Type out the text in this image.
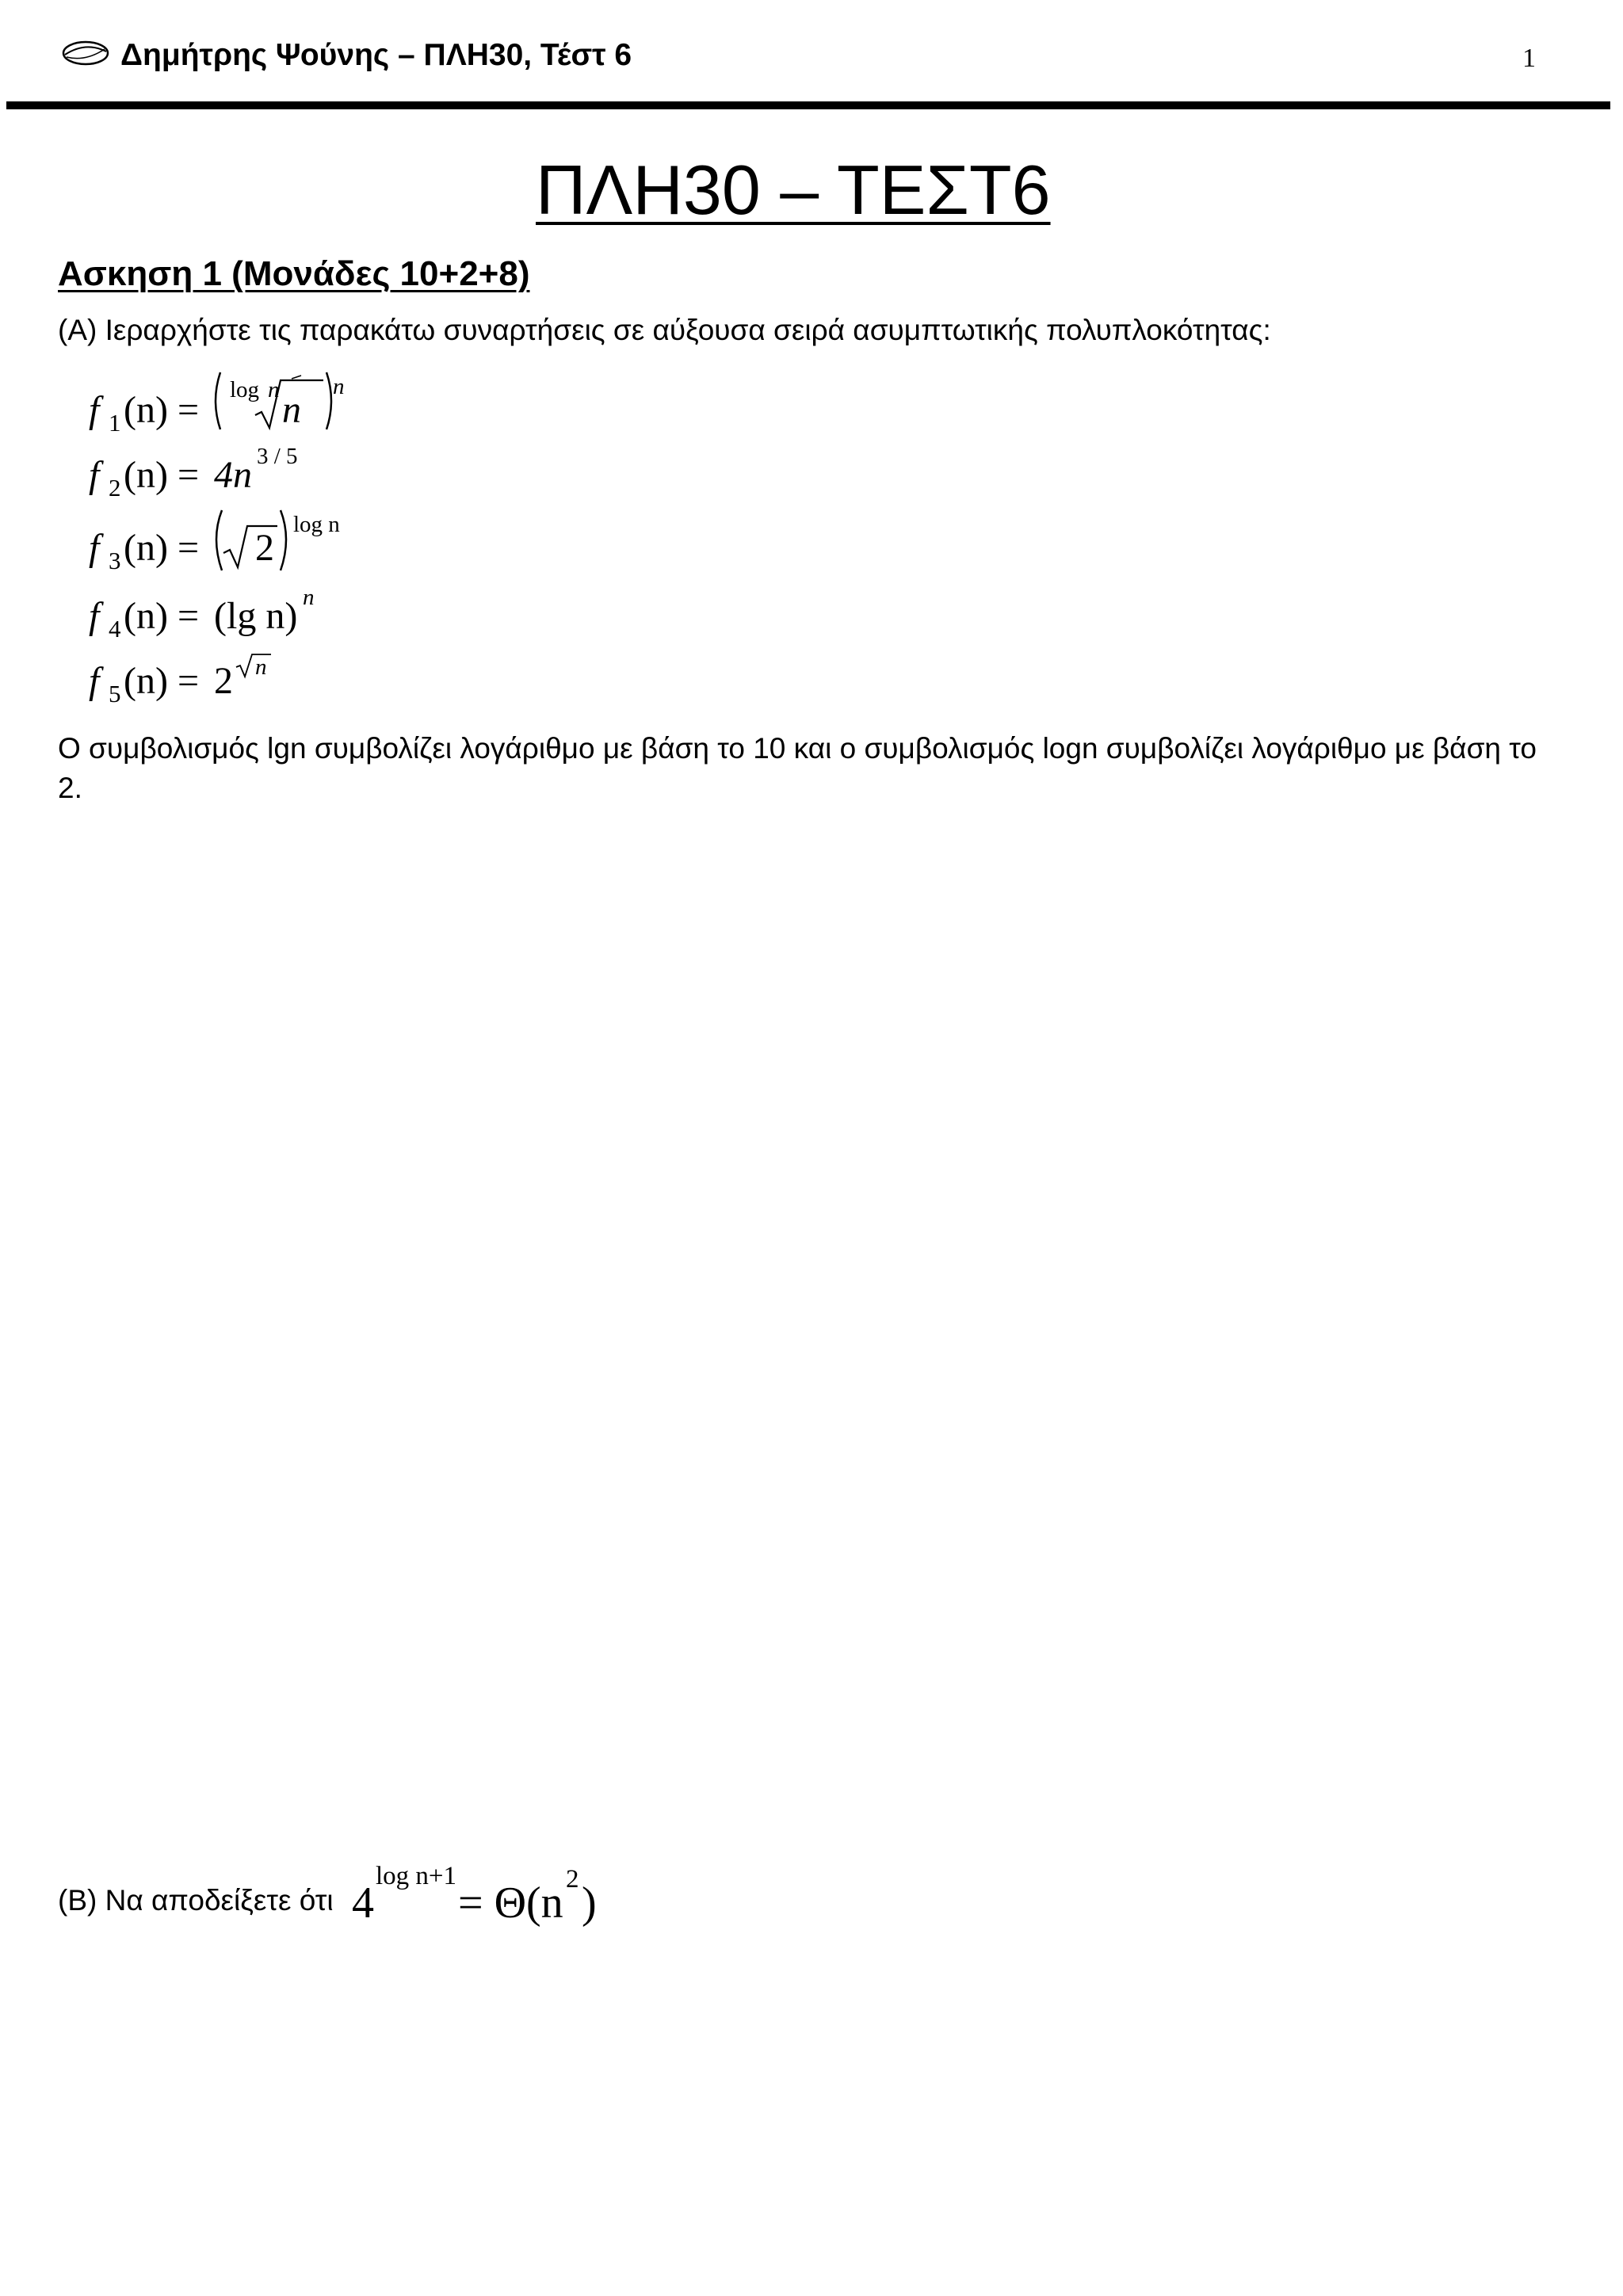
Δημήτρης Ψούνης – ΠΛΗ30, Τέστ 6	1
ΠΛΗ30 – ΤΕΣΤ6
Ασκηση 1 (Μονάδες 10+2+8)
(Α) Ιεραρχήστε τις παρακάτω συναρτήσεις σε αύξουσα σειρά ασυμπτωτικής πολυπλοκότητας:
f 1 (n) = log n n
n
f 2 (n) = 4n 3 / 5
f 3 (n) = 2
log n
f 4 (n) = (lg n) n
f 5 (n) = 2 n
Ο συμβολισμός lgn συμβολίζει λογάριθμο με βάση το 10 και ο συμβολισμός logn συμβολίζει λογάριθμο με βάση το 2.
(Β) Να αποδείξετε ότι 4
log n+1
= Θ(n 2 )
